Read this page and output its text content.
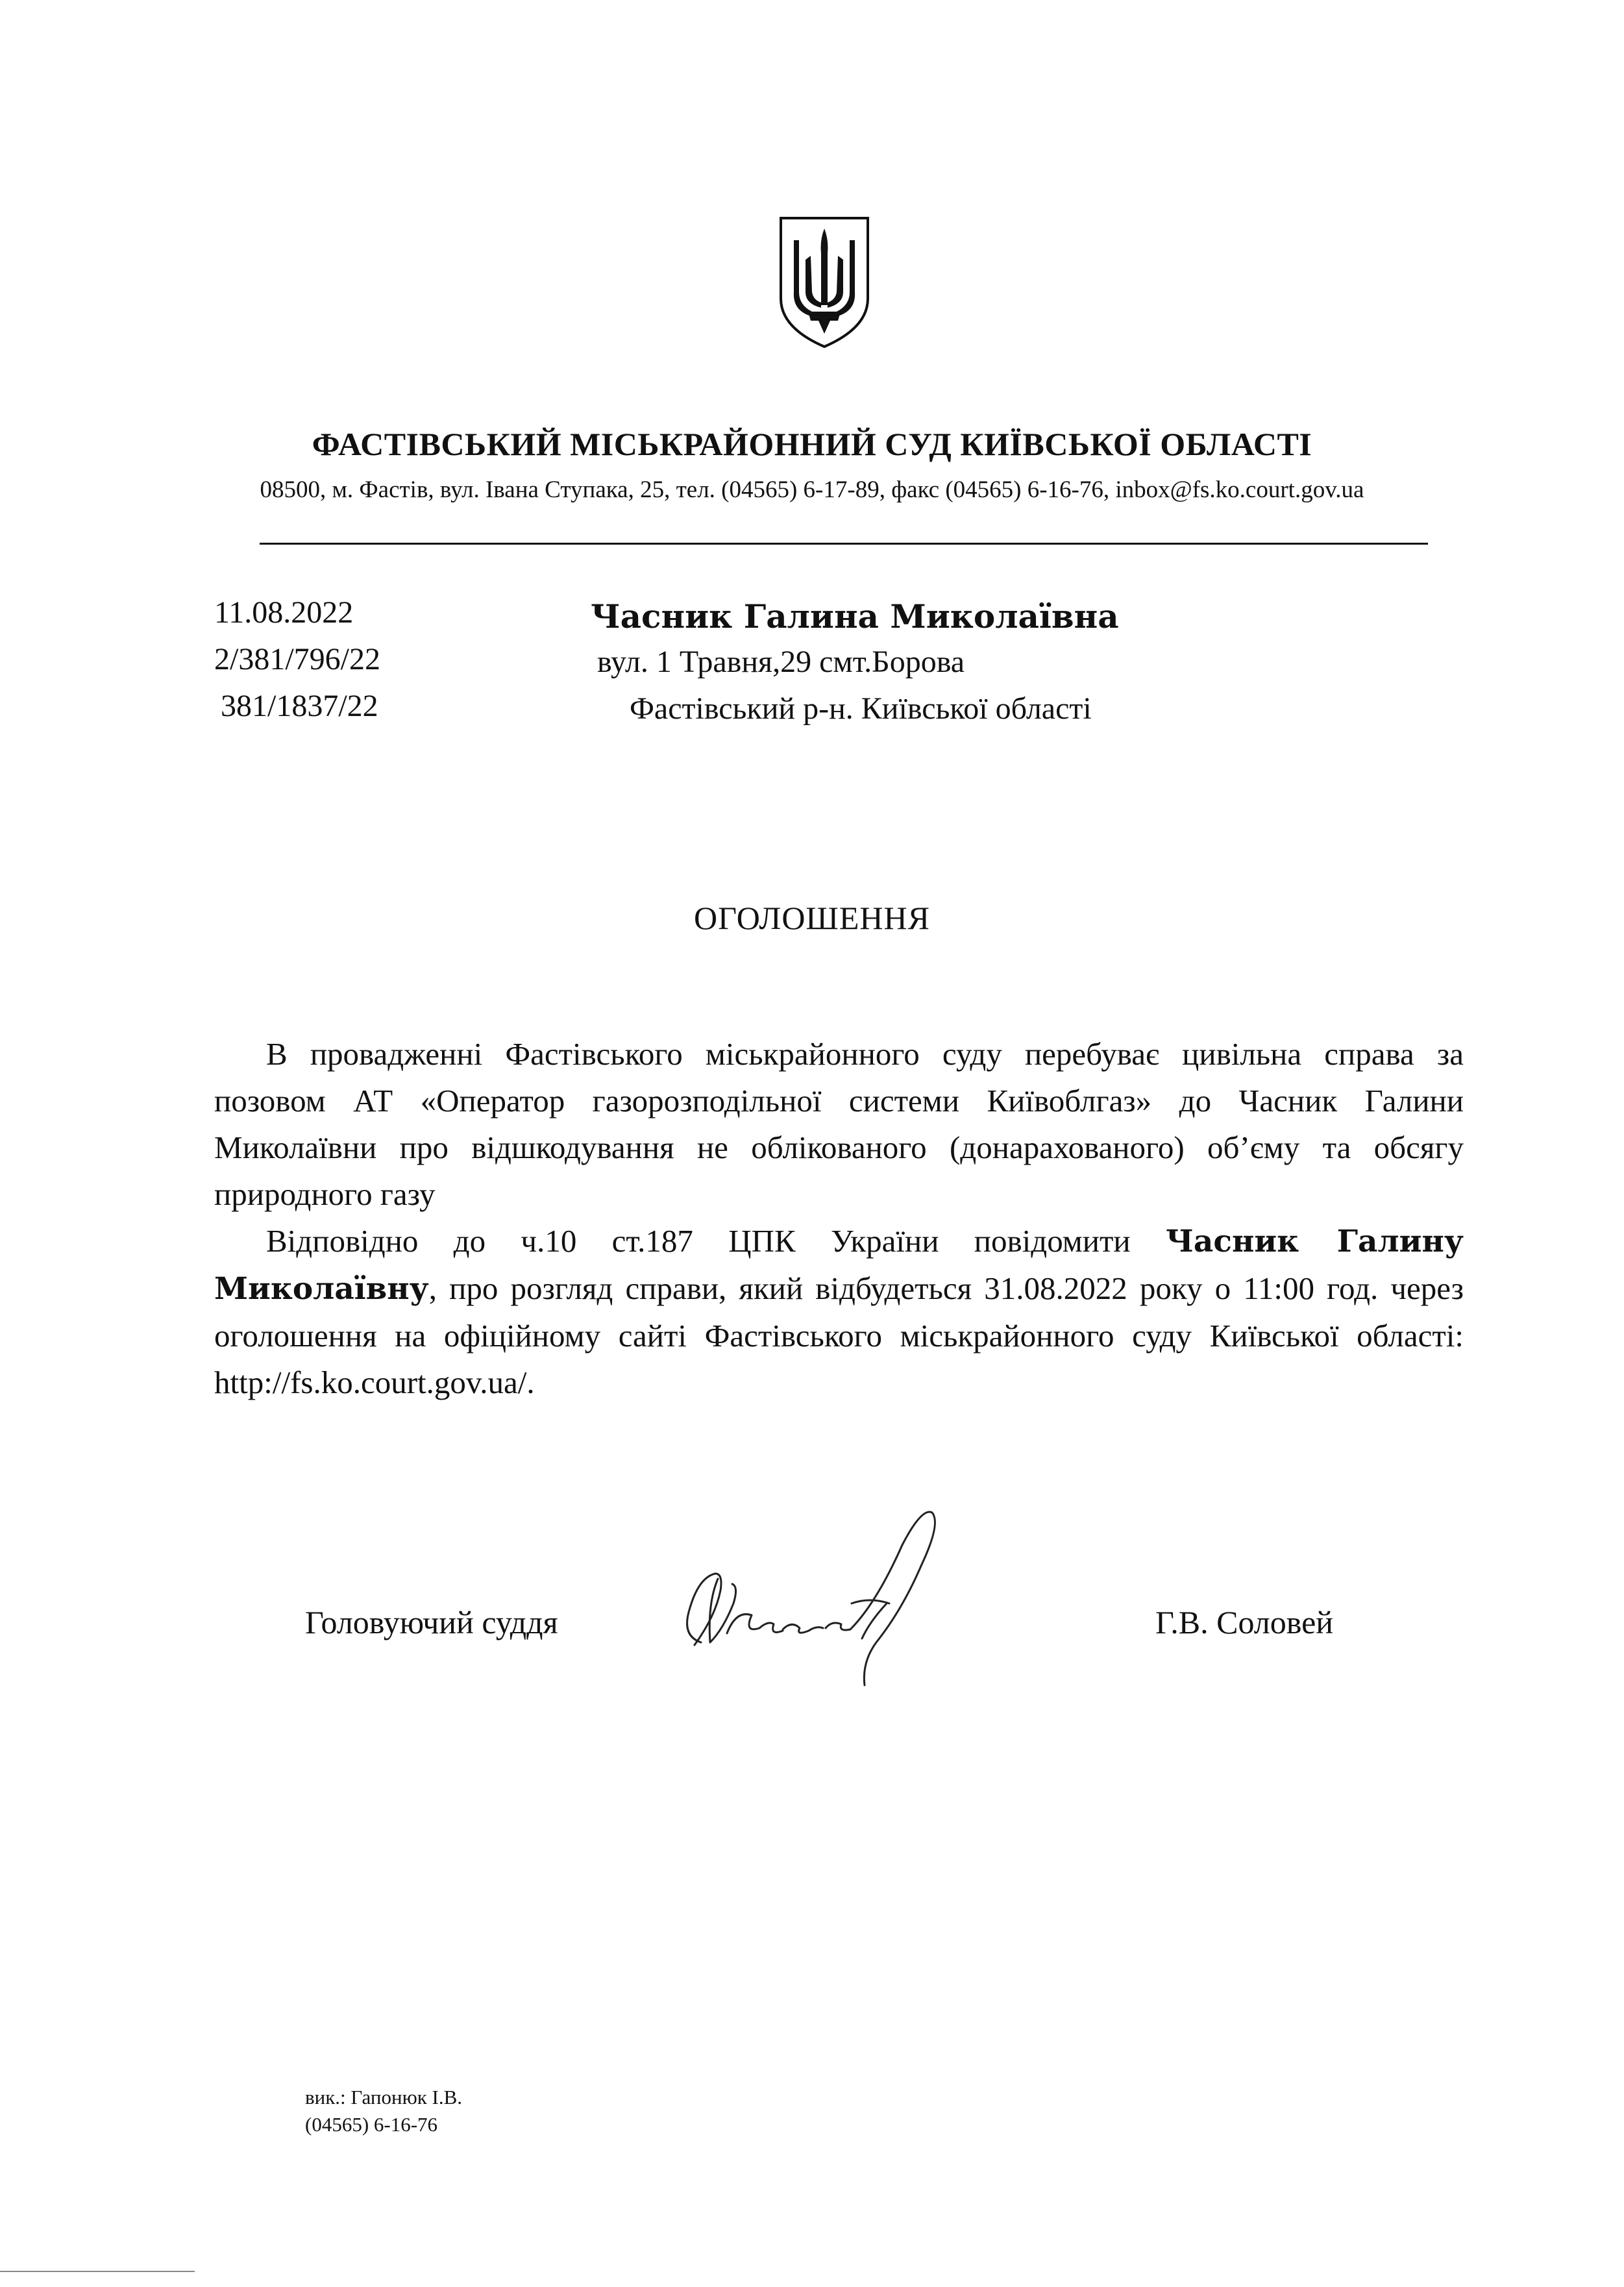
ФАСТІВСЬКИЙ МІСЬКРАЙОННИЙ СУД КИЇВСЬКОЇ ОБЛАСТІ
08500, м. Фастів, вул. Івана Ступака, 25, тел. (04565) 6-17-89, факс (04565) 6-16-76, inbox@fs.ko.court.gov.ua
11.08.2022
2/381/796/22
381/1837/22
Часник Галина Миколаївна
вул. 1 Травня,29 смт.Борова
Фастівський р-н. Київської області
ОГОЛОШЕННЯ

В провадженні Фастівського міськрайонного суду перебуває цивільна справа за позовом АТ «Оператор газорозподільної системи Київоблгаз» до Часник Галини Миколаївни про відшкодування не облікованого (донарахованого) об’єму та обсягу природного газу

Відповідно до ч.10 ст.187 ЦПК України повідомити Часник Галину Миколаївну, про розгляд справи, який відбудеться 31.08.2022 року о 11:00 год. через оголошення на офіційному сайті Фастівського міськрайонного суду Київської області: http://fs.ko.court.gov.ua/.

Головуючий суддя	Г.В. Соловей
вик.: Гапонюк І.В.
(04565) 6-16-76
